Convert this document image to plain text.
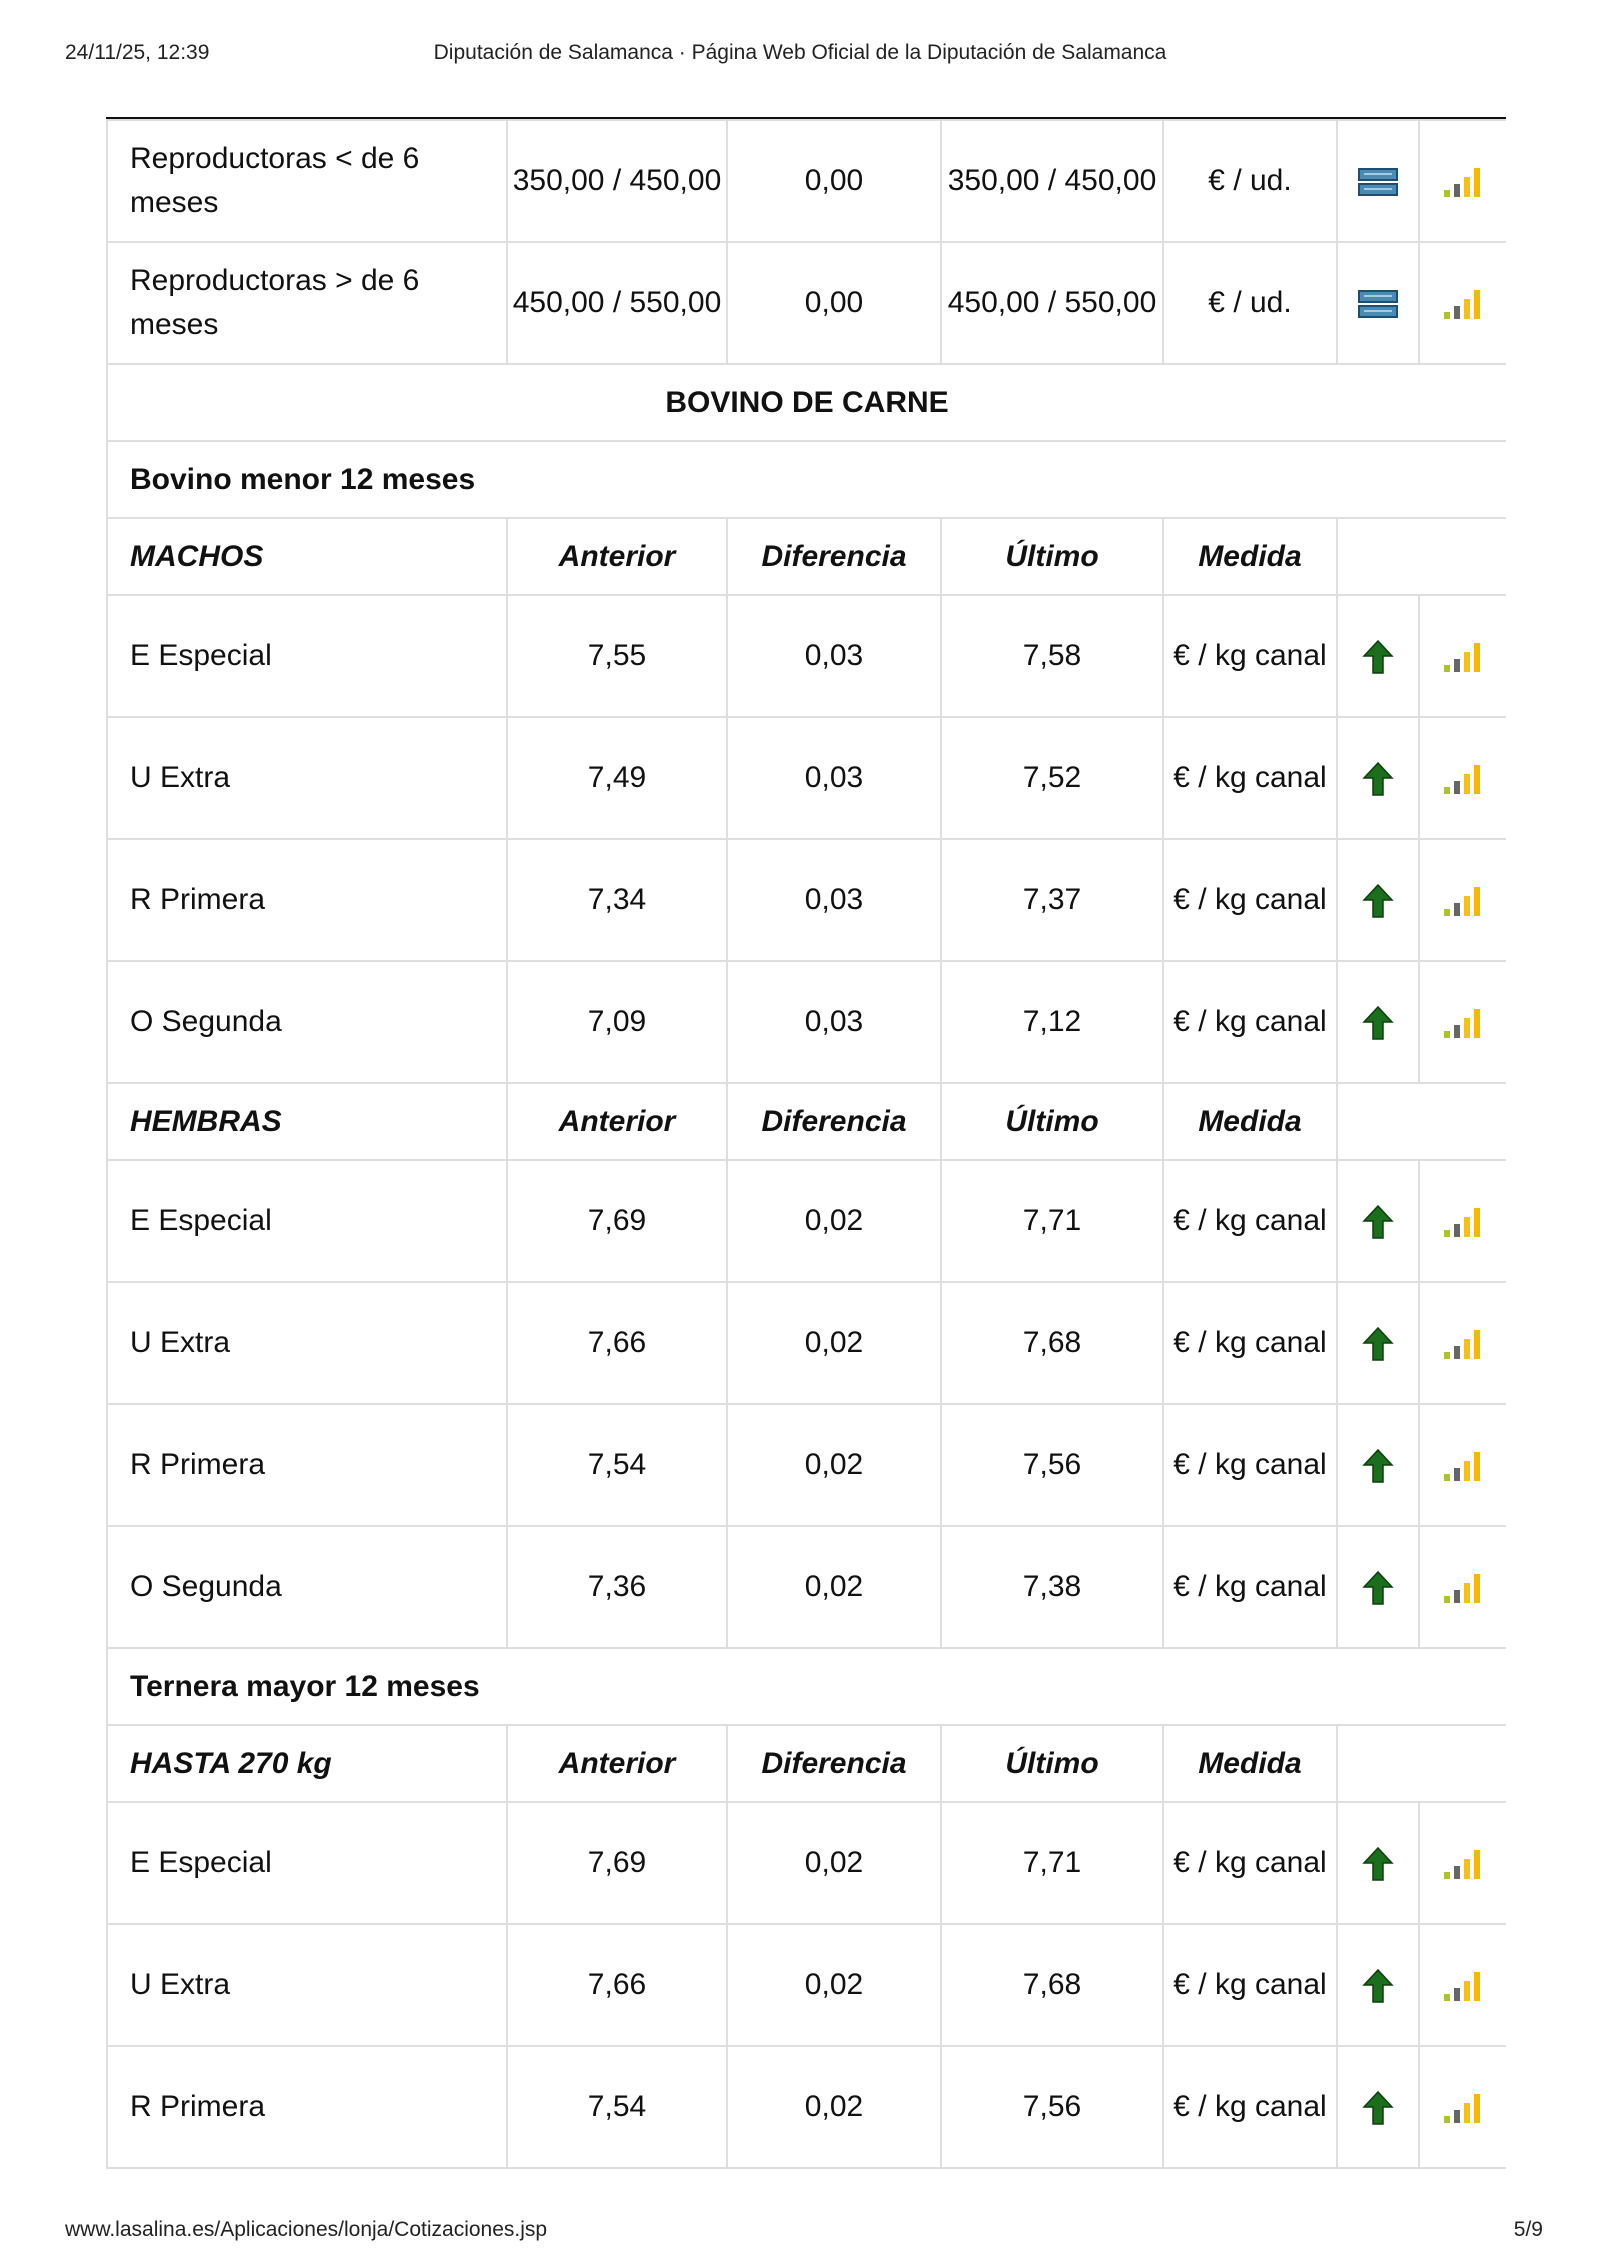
24/11/25, 12:39	Diputación de Salamanca · Página Web Oficial de la Diputación de Salamanca
Reproductoras < de 6 meses	350,00 / 450,00	0,00	350,00 / 450,00	€ / ud.		
Reproductoras > de 6 meses	450,00 / 550,00	0,00	450,00 / 550,00	€ / ud.		
BOVINO DE CARNE						
Bovino menor 12 meses						
MACHOS	Anterior	Diferencia	Último	Medida		
E Especial	7,55	0,03	7,58	€ / kg canal		
U Extra	7,49	0,03	7,52	€ / kg canal		
R Primera	7,34	0,03	7,37	€ / kg canal		
O Segunda	7,09	0,03	7,12	€ / kg canal		
HEMBRAS	Anterior	Diferencia	Último	Medida		
E Especial	7,69	0,02	7,71	€ / kg canal		
U Extra	7,66	0,02	7,68	€ / kg canal		
R Primera	7,54	0,02	7,56	€ / kg canal		
O Segunda	7,36	0,02	7,38	€ / kg canal		
Ternera mayor 12 meses						
HASTA 270 kg	Anterior	Diferencia	Último	Medida		
E Especial	7,69	0,02	7,71	€ / kg canal		
U Extra	7,66	0,02	7,68	€ / kg canal		
R Primera	7,54	0,02	7,56	€ / kg canal		
www.lasalina.es/Aplicaciones/lonja/Cotizaciones.jsp	5/9
